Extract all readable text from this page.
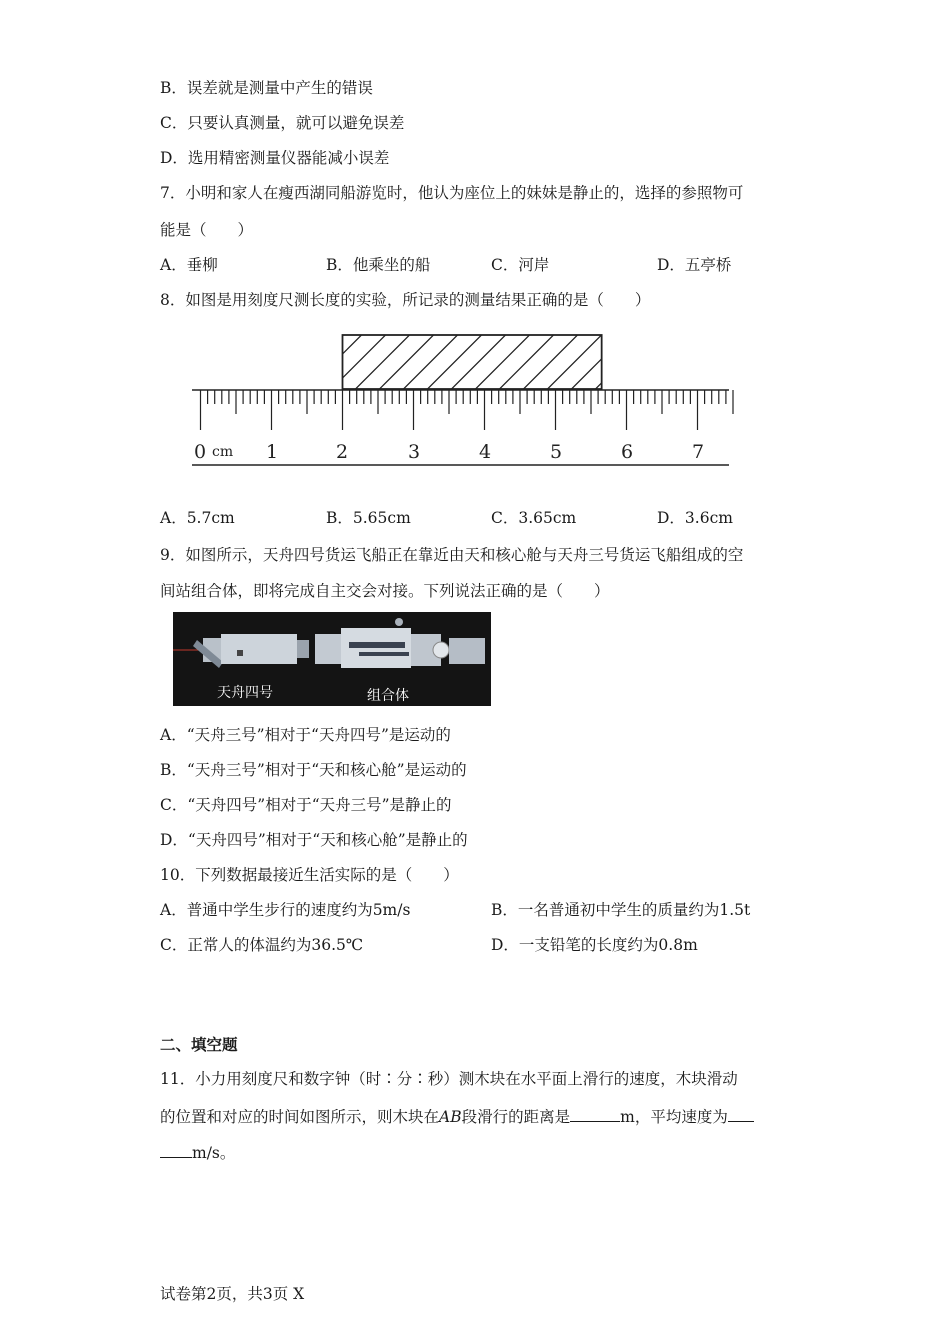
B．误差就是测量中产生的错误
C．只要认真测量，就可以避免误差
D．选用精密测量仪器能减小误差
7．小明和家人在瘦西湖同船游览时，他认为座位上的妹妹是静止的，选择的参照物可
能是（　　）
A．垂柳	B．他乘坐的船	C．河岸	D．五亭桥
8．如图是用刻度尺测长度的实验，所记录的测量结果正确的是（　　）
0 cm 1	2	3	4	5	6	7
A．5.7cm	B．5.65cm	C．3.65cm	D．3.6cm
9．如图所示，天舟四号货运飞船正在靠近由天和核心舱与天舟三号货运飞船组成的空
间站组合体，即将完成自主交会对接。下列说法正确的是（　　）
天舟四号	组合体
A．“天舟三号”相对于“天舟四号”是运动的
B．“天舟三号”相对于“天和核心舱”是运动的
C．“天舟四号”相对于“天舟三号”是静止的
D．“天舟四号”相对于“天和核心舱”是静止的
10．下列数据最接近生活实际的是（　　）
A．普通中学生步行的速度约为5m/s	B．一名普通初中学生的质量约为1.5t
C．正常人的体温约为36.5℃	D．一支铅笔的长度约为0.8m
二、填空题
11．小力用刻度尺和数字钟（时∶分∶秒）测木块在水平面上滑行的速度，木块滑动
的位置和对应的时间如图所示，则木块在AB段滑行的距离是	m，平均速度为
m/s。
试卷第2页，共3页 X
